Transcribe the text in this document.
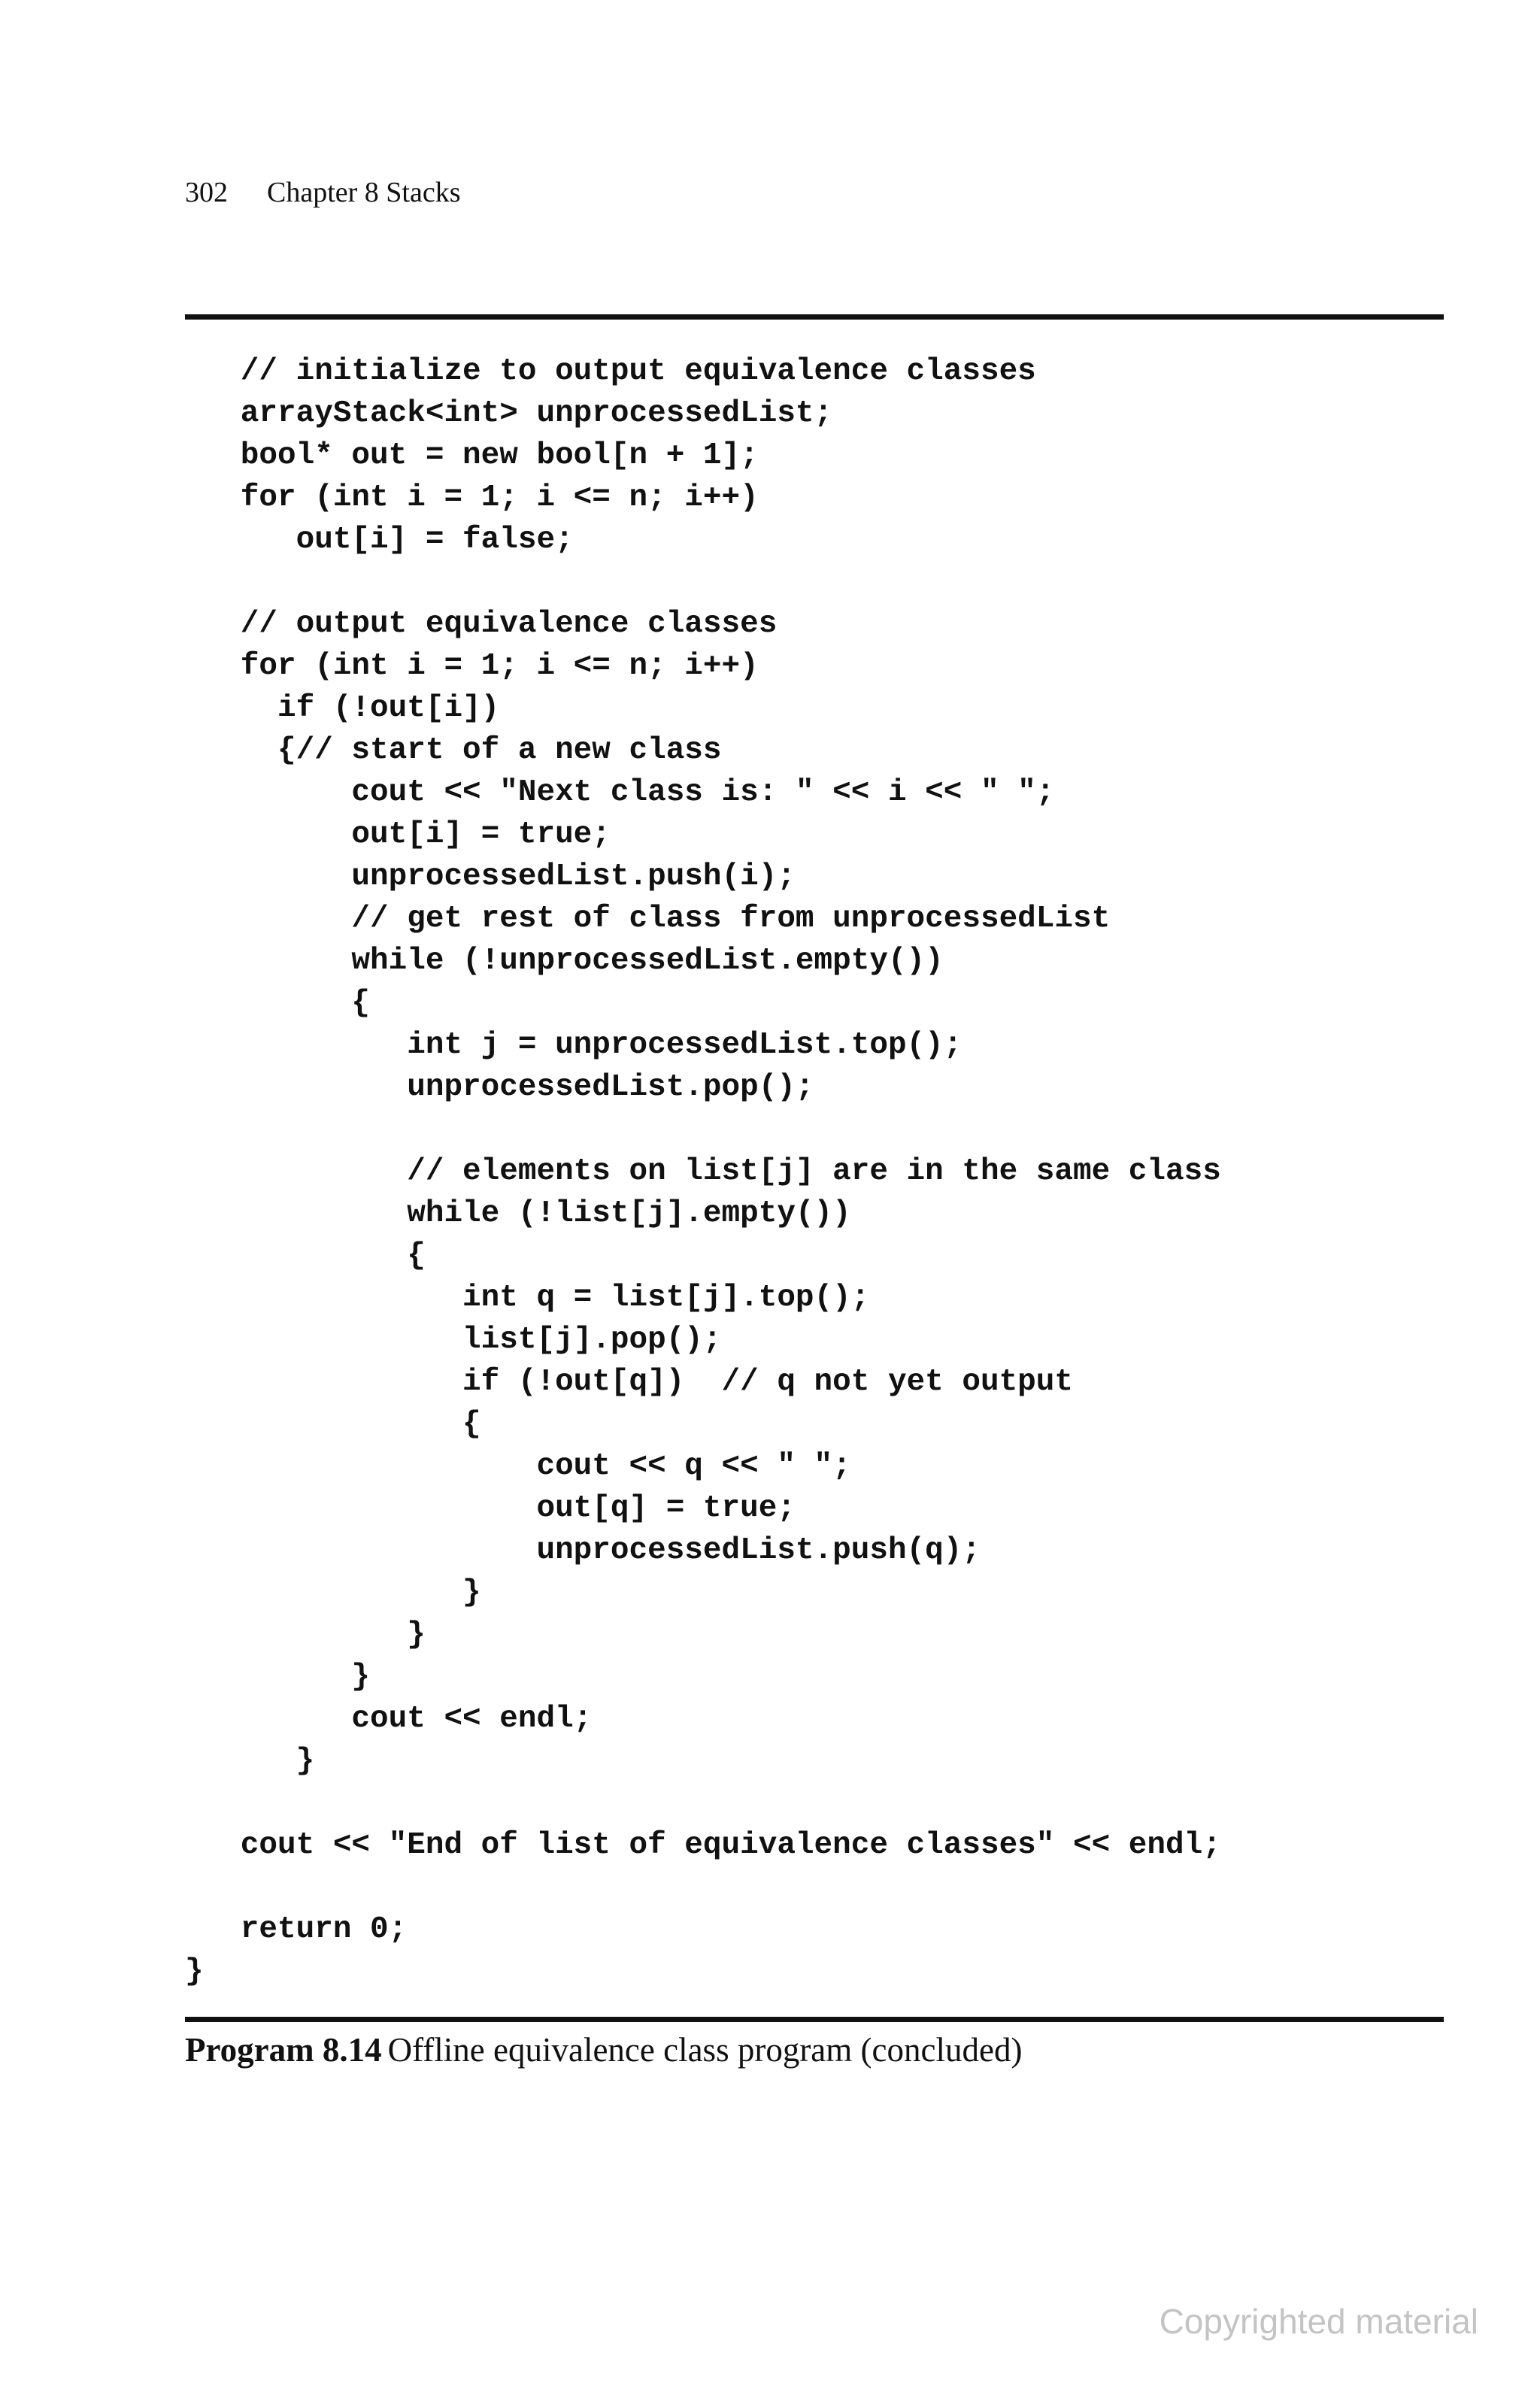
302 Chapter 8 Stacks
// initialize to output equivalence classes
arrayStack<int> unprocessedList;
bool* out = new bool[n + 1];
for (int i = 1; i <= n; i++)
out[i] = false;
// output equivalence classes
for (int i = 1; i <= n; i++)
if (!out[i])
{// start of a new class
cout << "Next class is: " << i << " ";
out[i] = true;
unprocessedList.push(i);
// get rest of class from unprocessedList
while (!unprocessedList.empty())
{
int j = unprocessedList.top();
unprocessedList.pop();
// elements on list[j] are in the same class
while (!list[j].empty())
{
int q = list[j].top();
list[j].pop();
if (!out[q])  // q not yet output
{
cout << q << " ";
out[q] = true;
unprocessedList.push(q);
}
}
}
cout << endl;
}
cout << "End of list of equivalence classes" << endl;
return 0;
}
Program 8.14 Offline equivalence class program (concluded)
Copyrighted material
